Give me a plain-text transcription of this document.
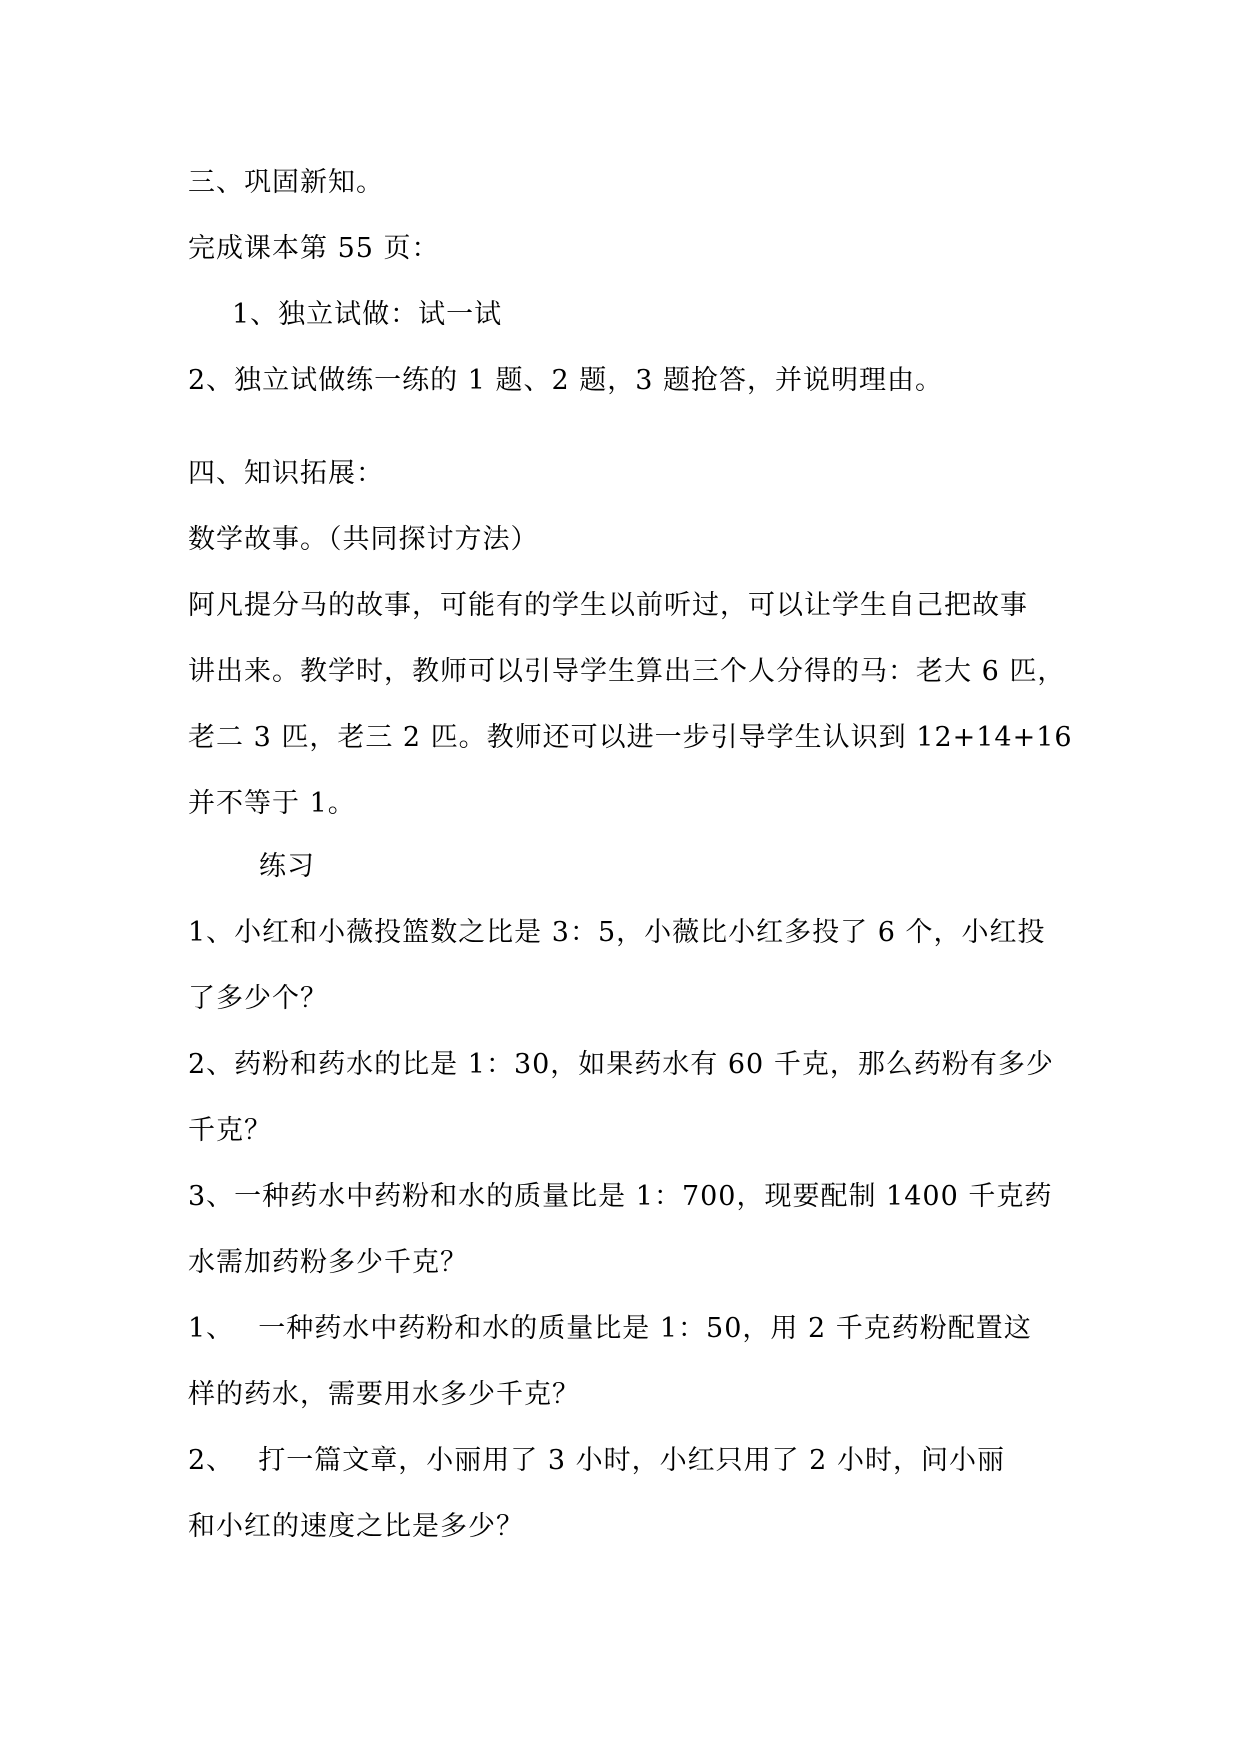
三、巩固新知。
完成课本第 55 页：
1、独立试做：试一试
2、独立试做练一练的 1 题、2 题，3 题抢答，并说明理由。
四、知识拓展：
数学故事。（共同探讨方法）
阿凡提分马的故事，可能有的学生以前听过，可以让学生自己把故事
讲出来。教学时，教师可以引导学生算出三个人分得的马：老大 6 匹，
老二 3 匹，老三 2 匹。教师还可以进一步引导学生认识到 12+14+16
并不等于 1。
练习
1、小红和小薇投篮数之比是 3：5，小薇比小红多投了 6 个，小红投
了多少个？
2、药粉和药水的比是 1：30，如果药水有 60 千克，那么药粉有多少
千克？
3、一种药水中药粉和水的质量比是 1：700，现要配制 1400 千克药
水需加药粉多少千克？
1、　 一种药水中药粉和水的质量比是 1：50，用 2 千克药粉配置这
样的药水，需要用水多少千克？
2、　 打一篇文章，小丽用了 3 小时，小红只用了 2 小时，问小丽
和小红的速度之比是多少？
